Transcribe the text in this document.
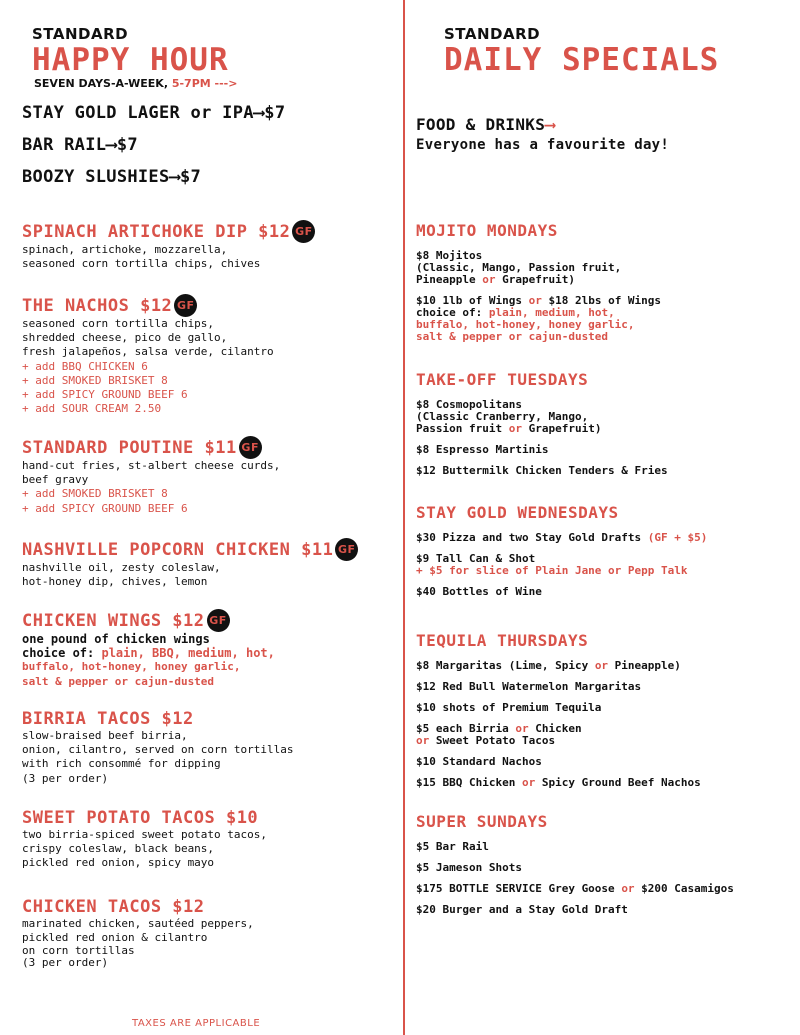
STANDARD
HAPPY HOUR
SEVEN DAYS-A-WEEK, 5-7PM --->
STAY GOLD LAGER or IPA⟶$7
BAR RAIL⟶$7
BOOZY SLUSHIES⟶$7
SPINACH ARTICHOKE DIP $12 GF
spinach, artichoke, mozzarella,
seasoned corn tortilla chips, chives
THE NACHOS $12 GF
seasoned corn tortilla chips,
shredded cheese, pico de gallo,
fresh jalapeños, salsa verde, cilantro
+ add BBQ CHICKEN 6
+ add SMOKED BRISKET 8
+ add SPICY GROUND BEEF 6
+ add SOUR CREAM 2.50
STANDARD POUTINE $11 GF
hand-cut fries, st-albert cheese curds,
beef gravy
+ add SMOKED BRISKET 8
+ add SPICY GROUND BEEF 6
NASHVILLE POPCORN CHICKEN $11 GF
nashville oil, zesty coleslaw,
hot-honey dip, chives, lemon
CHICKEN WINGS $12 GF
one pound of chicken wings
choice of: plain, BBQ, medium, hot,
buffalo, hot-honey, honey garlic,
salt & pepper or cajun-dusted
BIRRIA TACOS $12
slow-braised beef birria,
onion, cilantro, served on corn tortillas
with rich consommé for dipping
(3 per order)
SWEET POTATO TACOS $10
two birria-spiced sweet potato tacos,
crispy coleslaw, black beans,
pickled red onion, spicy mayo
CHICKEN TACOS $12
marinated chicken, sautéed peppers,
pickled red onion & cilantro
on corn tortillas
(3 per order)
TAXES ARE APPLICABLE
STANDARD
DAILY SPECIALS
FOOD & DRINKS⟶
Everyone has a favourite day!
MOJITO MONDAYS
$8 Mojitos
(Classic, Mango, Passion fruit,
Pineapple or Grapefruit)
$10 1lb of Wings or $18 2lbs of Wings
choice of: plain, medium, hot,
buffalo, hot-honey, honey garlic,
salt & pepper or cajun-dusted
TAKE-OFF TUESDAYS
$8 Cosmopolitans
(Classic Cranberry, Mango,
Passion fruit or Grapefruit)
$8 Espresso Martinis
$12 Buttermilk Chicken Tenders & Fries
STAY GOLD WEDNESDAYS
$30 Pizza and two Stay Gold Drafts (GF + $5)
$9 Tall Can & Shot
+ $5 for slice of Plain Jane or Pepp Talk
$40 Bottles of Wine
TEQUILA THURSDAYS
$8 Margaritas (Lime, Spicy or Pineapple)
$12 Red Bull Watermelon Margaritas
$10 shots of Premium Tequila
$5 each Birria or Chicken
or Sweet Potato Tacos
$10 Standard Nachos
$15 BBQ Chicken or Spicy Ground Beef Nachos
SUPER SUNDAYS
$5 Bar Rail
$5 Jameson Shots
$175 BOTTLE SERVICE Grey Goose or $200 Casamigos
$20 Burger and a Stay Gold Draft
